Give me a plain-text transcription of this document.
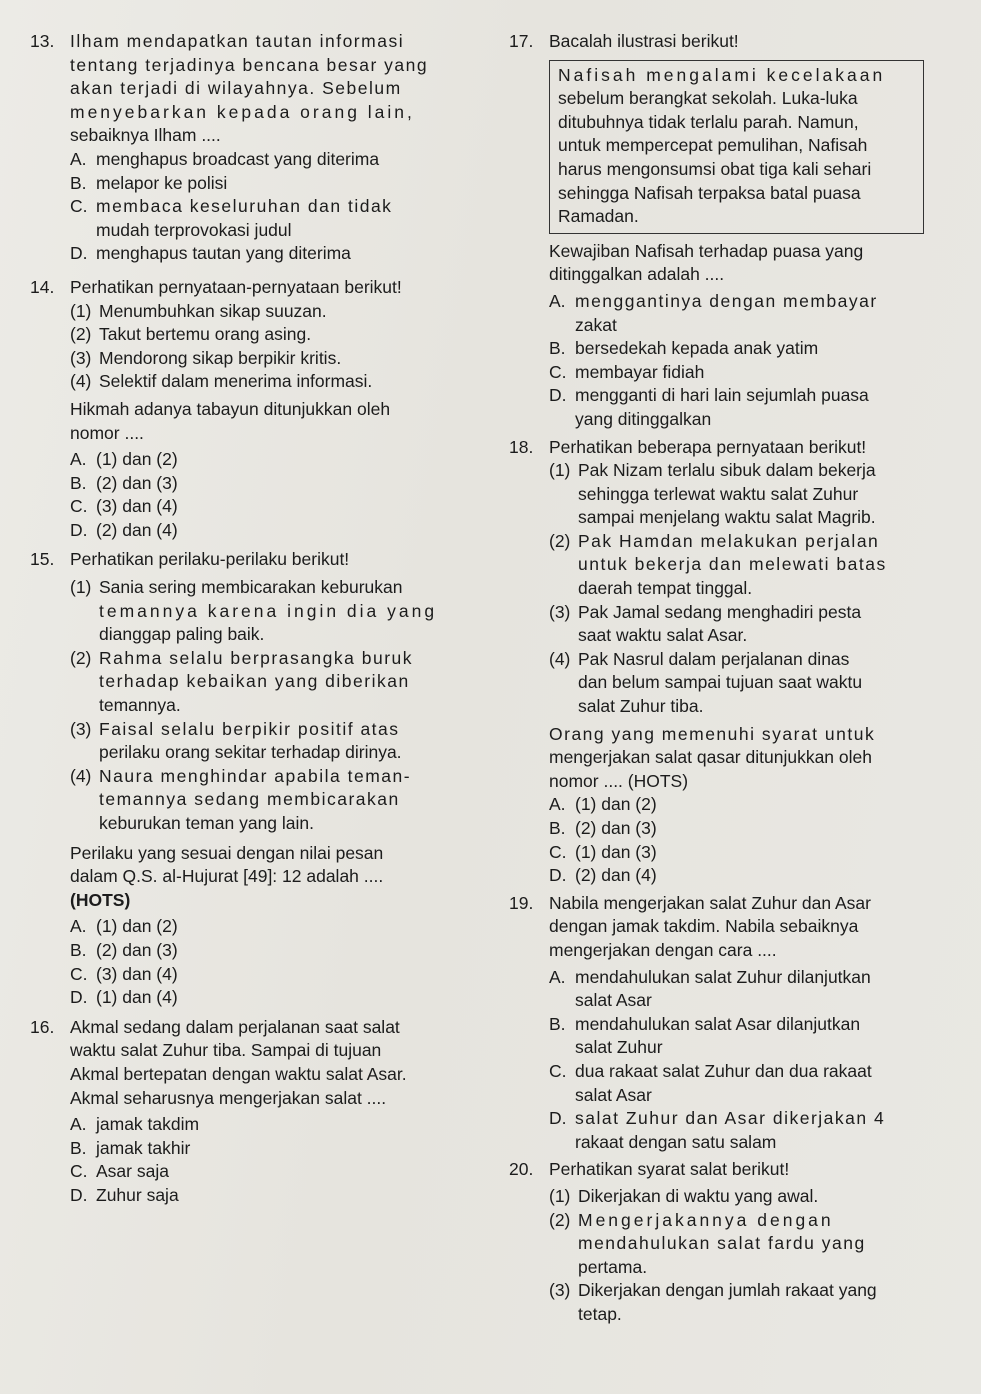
13. Ilham mendapatkan tautan informasi

tentang terjadinya bencana besar yang

akan terjadi di wilayahnya. Sebelum

menyebarkan kepada orang lain,

sebaiknya Ilham ....

A. menghapus broadcast yang diterima

B. melapor ke polisi

C. membaca keseluruhan dan tidak

mudah terprovokasi judul

D. menghapus tautan yang diterima

14. Perhatikan pernyataan-pernyataan berikut!

(1) Menumbuhkan sikap suuzan.
(2) Takut bertemu orang asing.
(3) Mendorong sikap berpikir kritis.
(4) Selektif dalam menerima informasi.

Hikmah adanya tabayun ditunjukkan oleh

nomor ....

A. (1) dan (2)
B. (2) dan (3)
C. (3) dan (4)
D. (2) dan (4)
15. Perhatikan perilaku-perilaku berikut!

(1) Sania sering membicarakan keburukan

temannya karena ingin dia yang

dianggap paling baik.

(2) Rahma selalu berprasangka buruk

terhadap kebaikan yang diberikan

temannya.

(3) Faisal selalu berpikir positif atas

perilaku orang sekitar terhadap dirinya.

(4) Naura menghindar apabila teman-

temannya sedang membicarakan

keburukan teman yang lain.

Perilaku yang sesuai dengan nilai pesan

dalam Q.S. al-Hujurat [49]: 12 adalah ....

(HOTS)

A. (1) dan (2)
B. (2) dan (3)
C. (3) dan (4)
D. (1) dan (4)
16. Akmal sedang dalam perjalanan saat salat

waktu salat Zuhur tiba. Sampai di tujuan

Akmal bertepatan dengan waktu salat Asar.

Akmal seharusnya mengerjakan salat ....

A. jamak takdim
B. jamak takhir
C. Asar saja
D. Zuhur saja
17. Bacalah ilustrasi berikut!

Nafisah mengalami kecelakaan

sebelum berangkat sekolah. Luka-luka

ditubuhnya tidak terlalu parah. Namun,

untuk mempercepat pemulihan, Nafisah

harus mengonsumsi obat tiga kali sehari

sehingga Nafisah terpaksa batal puasa

Ramadan.

Kewajiban Nafisah terhadap puasa yang

ditinggalkan adalah ....

A. menggantinya dengan membayar

zakat

B. bersedekah kepada anak yatim

C. membayar fidiah

D. mengganti di hari lain sejumlah puasa

yang ditinggalkan

18. Perhatikan beberapa pernyataan berikut!

(1) Pak Nizam terlalu sibuk dalam bekerja

sehingga terlewat waktu salat Zuhur

sampai menjelang waktu salat Magrib.

(2) Pak Hamdan melakukan perjalan

untuk bekerja dan melewati batas

daerah tempat tinggal.

(3) Pak Jamal sedang menghadiri pesta

saat waktu salat Asar.

(4) Pak Nasrul dalam perjalanan dinas

dan belum sampai tujuan saat waktu

salat Zuhur tiba.

Orang yang memenuhi syarat untuk

mengerjakan salat qasar ditunjukkan oleh

nomor .... (HOTS)

A. (1) dan (2)
B. (2) dan (3)
C. (1) dan (3)
D. (2) dan (4)
19. Nabila mengerjakan salat Zuhur dan Asar

dengan jamak takdim. Nabila sebaiknya

mengerjakan dengan cara ....

A. mendahulukan salat Zuhur dilanjutkan

salat Asar

B. mendahulukan salat Asar dilanjutkan

salat Zuhur

C. dua rakaat salat Zuhur dan dua rakaat

salat Asar

D. salat Zuhur dan Asar dikerjakan 4

rakaat dengan satu salam

20. Perhatikan syarat salat berikut!

(1) Dikerjakan di waktu yang awal.

(2) Mengerjakannya dengan

mendahulukan salat fardu yang

pertama.

(3) Dikerjakan dengan jumlah rakaat yang

tetap.
